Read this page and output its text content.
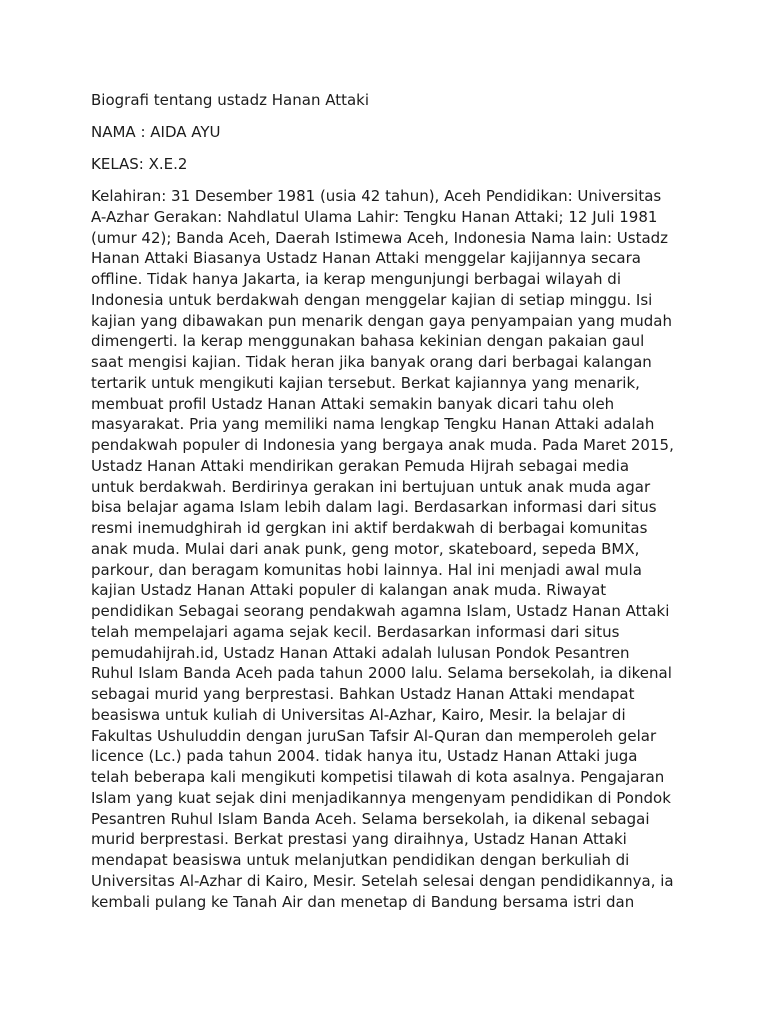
Biografi tentang ustadz Hanan Attaki

NAMA : AIDA AYU

KELAS: X.E.2

Kelahiran: 31 Desember 1981 (usia 42 tahun), Aceh Pendidikan: Universitas
A-Azhar Gerakan: Nahdlatul Ulama Lahir: Tengku Hanan Attaki; 12 Juli 1981
(umur 42); Banda Aceh, Daerah Istimewa Aceh, Indonesia Nama lain: Ustadz
Hanan Attaki Biasanya Ustadz Hanan Attaki menggelar kajijannya secara
offline. Tidak hanya Jakarta, ia kerap mengunjungi berbagai wilayah di
Indonesia untuk berdakwah dengan menggelar kajian di setiap minggu. Isi
kajian yang dibawakan pun menarik dengan gaya penyampaian yang mudah
dimengerti. la kerap menggunakan bahasa kekinian dengan pakaian gaul
saat mengisi kajian. Tidak heran jika banyak orang dari berbagai kalangan
tertarik untuk mengikuti kajian tersebut. Berkat kajiannya yang menarik,
membuat profil Ustadz Hanan Attaki semakin banyak dicari tahu oleh
masyarakat. Pria yang memiliki nama lengkap Tengku Hanan Attaki adalah
pendakwah populer di Indonesia yang bergaya anak muda. Pada Maret 2015,
Ustadz Hanan Attaki mendirikan gerakan Pemuda Hijrah sebagai media
untuk berdakwah. Berdirinya gerakan ini bertujuan untuk anak muda agar
bisa belajar agama Islam lebih dalam lagi. Berdasarkan informasi dari situs
resmi inemudghirah id gergkan ini aktif berdakwah di berbagai komunitas
anak muda. Mulai dari anak punk, geng motor, skateboard, sepeda BMX,
parkour, dan beragam komunitas hobi lainnya. Hal ini menjadi awal mula
kajian Ustadz Hanan Attaki populer di kalangan anak muda. Riwayat
pendidikan Sebagai seorang pendakwah agamna Islam, Ustadz Hanan Attaki
telah mempelajari agama sejak kecil. Berdasarkan informasi dari situs
pemudahijrah.id, Ustadz Hanan Attaki adalah lulusan Pondok Pesantren
Ruhul Islam Banda Aceh pada tahun 2000 lalu. Selama bersekolah, ia dikenal
sebagai murid yang berprestasi. Bahkan Ustadz Hanan Attaki mendapat
beasiswa untuk kuliah di Universitas Al-Azhar, Kairo, Mesir. la belajar di
Fakultas Ushuluddin dengan juruSan Tafsir Al-Quran dan memperoleh gelar
licence (Lc.) pada tahun 2004. tidak hanya itu, Ustadz Hanan Attaki juga
telah beberapa kali mengikuti kompetisi tilawah di kota asalnya. Pengajaran
Islam yang kuat sejak dini menjadikannya mengenyam pendidikan di Pondok
Pesantren Ruhul Islam Banda Aceh. Selama bersekolah, ia dikenal sebagai
murid berprestasi. Berkat prestasi yang diraihnya, Ustadz Hanan Attaki
mendapat beasiswa untuk melanjutkan pendidikan dengan berkuliah di
Universitas Al-Azhar di Kairo, Mesir. Setelah selesai dengan pendidikannya, ia
kembali pulang ke Tanah Air dan menetap di Bandung bersama istri dan
